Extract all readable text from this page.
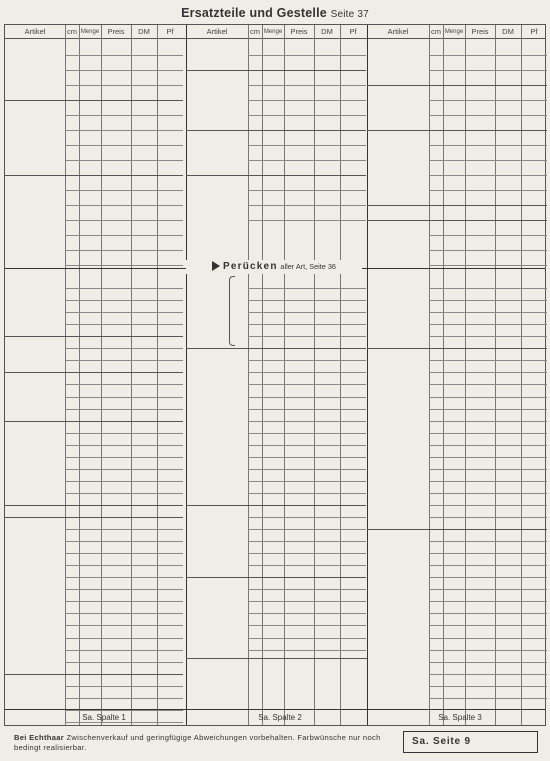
Ersatzteile und Gestelle Seite 37
Artikel	cm Menge	Preis	DM	Pf	Artikel	cm Menge	Preis	DM	Pf	Artikel	cm Menge	Preis	DM	Pf
Perücken aller Art, Seite 36
Sa. Spalte 1	Sa. Spalte 2	Sa. Spalte 3
Bei Echthaar Zwischenverkauf und geringfügige Abweichungen vorbehalten. Farbwünsche nur noch bedingt realisierbar.
Sa. Seite 9
